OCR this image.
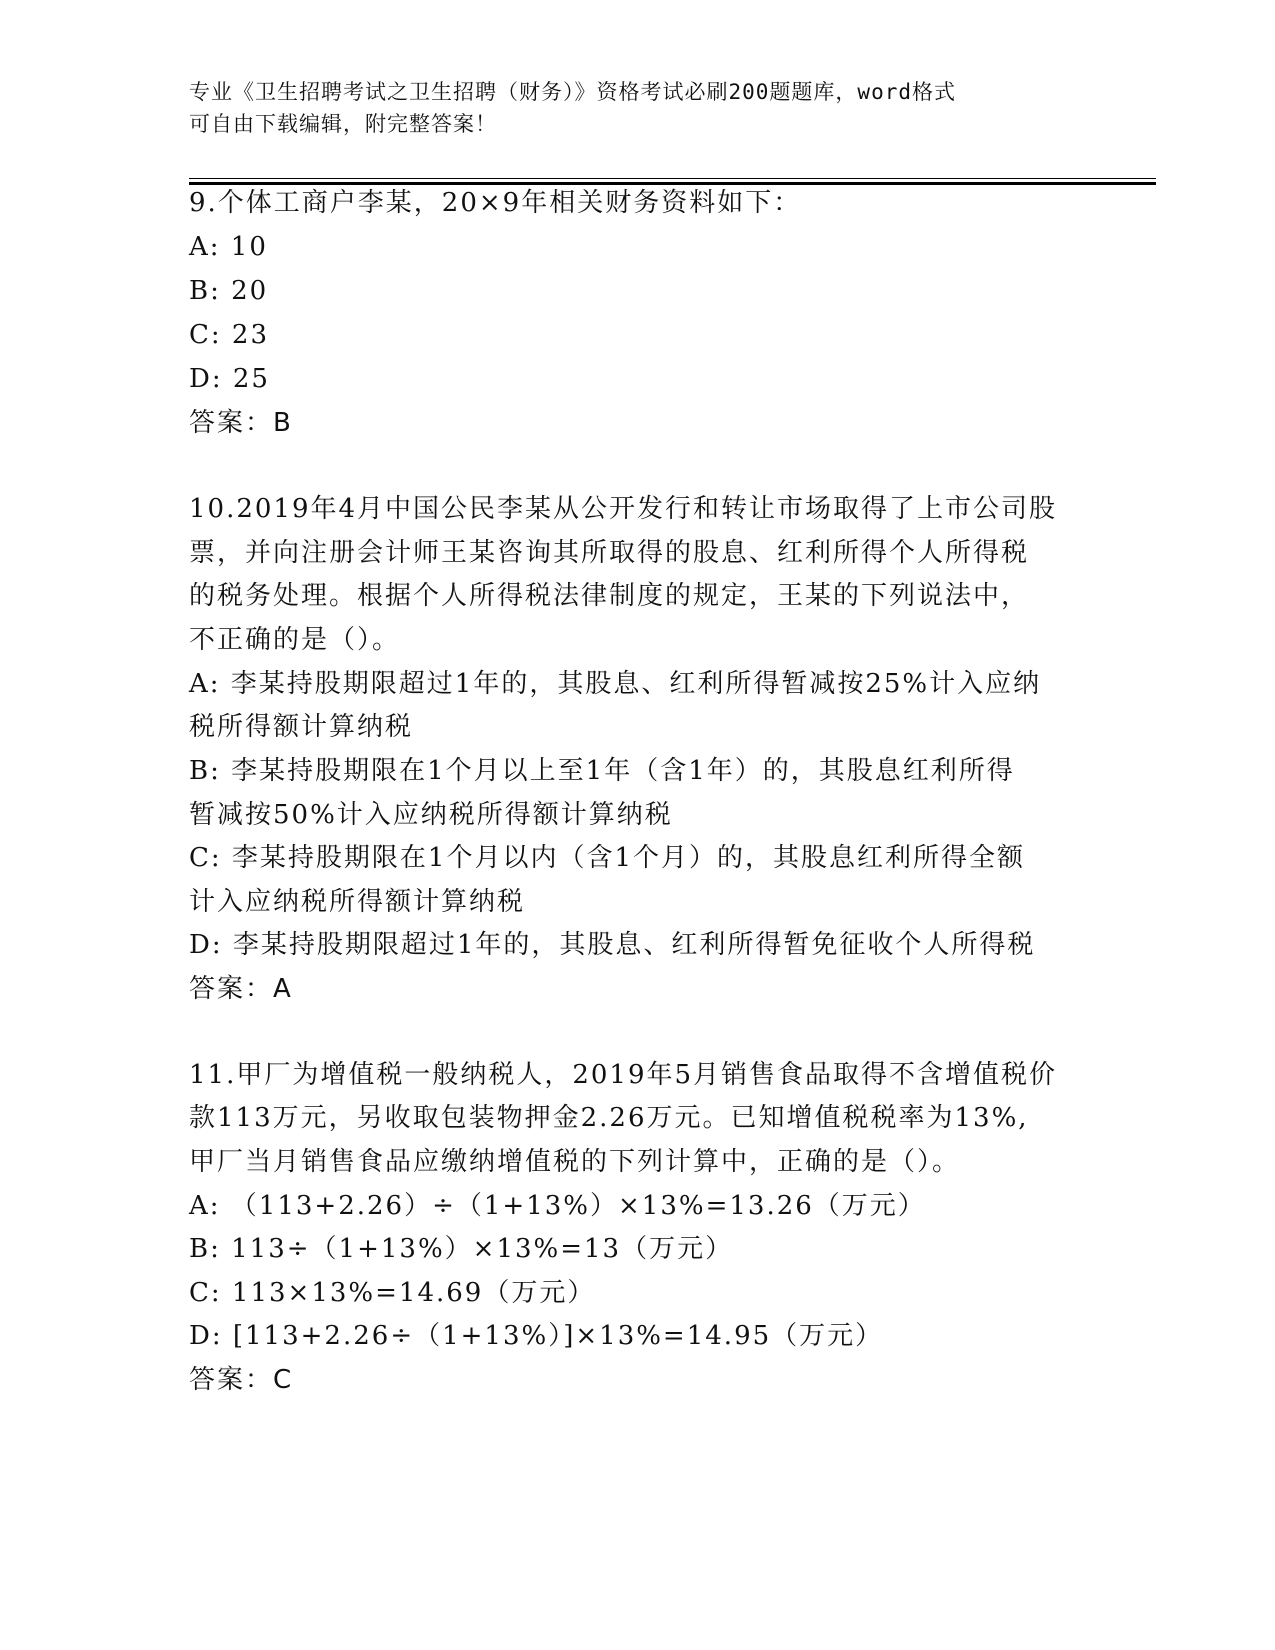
专业《卫生招聘考试之卫生招聘（财务）》资格考试必刷200题题库，word格式
可自由下载编辑，附完整答案！
9.个体工商户李某，20×9年相关财务资料如下：
A: 10
B: 20
C: 23
D: 25
答案：B
10.2019年4月中国公民李某从公开发行和转让市场取得了上市公司股
票，并向注册会计师王某咨询其所取得的股息、红利所得个人所得税
的税务处理。根据个人所得税法律制度的规定，王某的下列说法中，
不正确的是（）。
A: 李某持股期限超过1年的，其股息、红利所得暂减按25%计入应纳
税所得额计算纳税
B: 李某持股期限在1个月以上至1年（含1年）的，其股息红利所得
暂减按50%计入应纳税所得额计算纳税
C: 李某持股期限在1个月以内（含1个月）的，其股息红利所得全额
计入应纳税所得额计算纳税
D: 李某持股期限超过1年的，其股息、红利所得暂免征收个人所得税
答案：A
11.甲厂为增值税一般纳税人，2019年5月销售食品取得不含增值税价
款113万元，另收取包装物押金2.26万元。已知增值税税率为13%,
甲厂当月销售食品应缴纳增值税的下列计算中，正确的是（）。
A: （113+2.26）÷（1+13%）×13%=13.26（万元）
B: 113÷（1+13%）×13%=13（万元）
C: 113×13%=14.69（万元）
D: [113+2.26÷（1+13%）]×13%=14.95（万元）
答案：C
